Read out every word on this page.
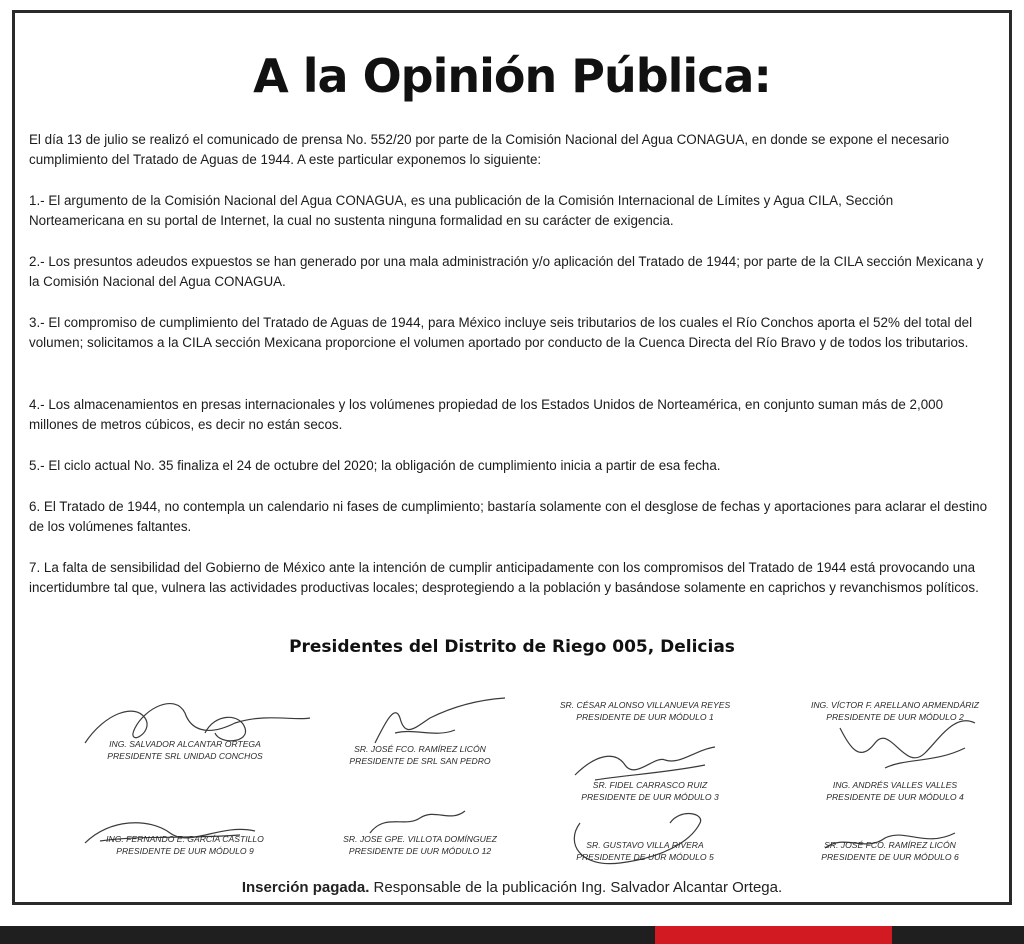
A la Opinión Pública:

El día 13 de julio se realizó el comunicado de prensa No. 552/20 por parte de la Comisión Nacional del Agua CONAGUA, en donde se expone el necesario cumplimiento del Tratado de Aguas de 1944. A este particular exponemos lo siguiente:

1.- El argumento de la Comisión Nacional del Agua CONAGUA, es una publicación de la Comisión Internacional de Límites y Agua CILA, Sección Norteamericana en su portal de Internet, la cual no sustenta ninguna formalidad en su carácter de exigencia.

2.- Los presuntos adeudos expuestos se han generado por una mala administración y/o aplicación del Tratado de 1944; por parte de la CILA sección Mexicana y la Comisión Nacional del Agua CONAGUA.

3.- El compromiso de cumplimiento del Tratado de Aguas de 1944, para México incluye seis tributarios de los cuales el Río Conchos aporta el 52% del total del volumen; solicitamos a la CILA sección Mexicana proporcione el volumen aportado por conducto de la Cuenca Directa del Río Bravo y de todos los tributarios.

4.- Los almacenamientos en presas internacionales y los volúmenes propiedad de los Estados Unidos de Norteamérica, en conjunto suman más de 2,000 millones de metros cúbicos, es decir no están secos.

5.- El ciclo actual No. 35 finaliza el 24 de octubre del 2020; la obligación de cumplimiento inicia a partir de esa fecha.

6. El Tratado de 1944, no contempla un calendario ni fases de cumplimiento; bastaría solamente con el desglose de fechas y aportaciones para aclarar el destino de los volúmenes faltantes.

7. La falta de sensibilidad del Gobierno de México ante la intención de cumplir anticipadamente con los compromisos del Tratado de 1944 está provocando una incertidumbre tal que, vulnera las actividades productivas locales; desprotegiendo a la población y basándose solamente en caprichos y revanchismos políticos.

Presidentes del Distrito de Riego 005, Delicias
ING. SALVADOR ALCANTAR ORTEGA
PRESIDENTE SRL UNIDAD CONCHOS
SR. JOSÉ FCO. RAMÍREZ LICÓN
PRESIDENTE DE SRL SAN PEDRO
SR. CÉSAR ALONSO VILLANUEVA REYES
PRESIDENTE DE UUR MÓDULO 1
ING. VÍCTOR F. ARELLANO ARMENDÁRIZ
PRESIDENTE DE UUR MÓDULO 2
SR. FIDEL CARRASCO RUIZ
PRESIDENTE DE UUR MÓDULO 3
ING. ANDRÉS VALLES VALLES
PRESIDENTE DE UUR MÓDULO 4
ING. FERNANDO E. GARCÍA CASTILLO
PRESIDENTE DE UUR MÓDULO 9
SR. JOSE GPE. VILLOTA DOMÍNGUEZ
PRESIDENTE DE UUR MÓDULO 12
SR. GUSTAVO VILLA RIVERA
PRESIDENTE DE UUR MÓDULO 5
SR. JOSÉ FCO. RAMÍREZ LICÓN
PRESIDENTE DE UUR MÓDULO 6
Inserción pagada. Responsable de la publicación Ing. Salvador Alcantar Ortega.
